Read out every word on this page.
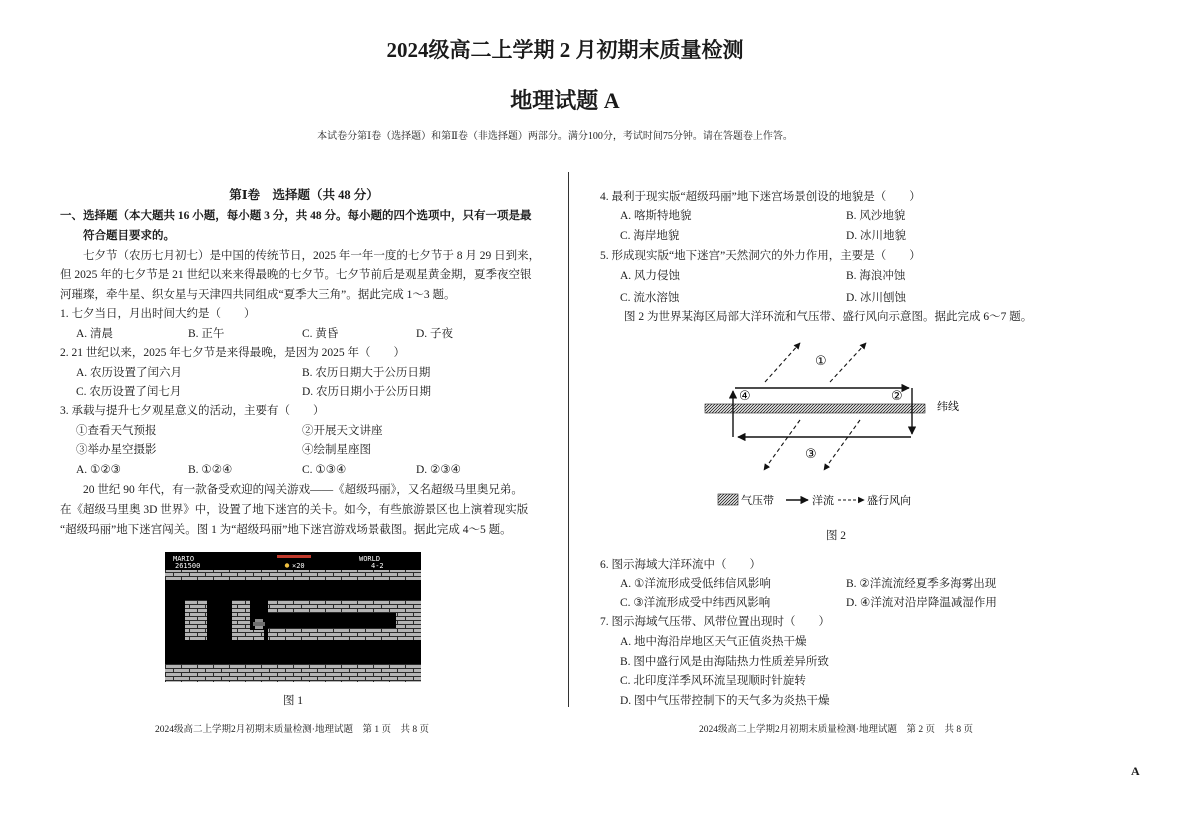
2024级高二上学期 2 月初期末质量检测
地理试题 A
本试卷分第Ⅰ卷（选择题）和第Ⅱ卷（非选择题）两部分。满分100分，考试时间75分钟。请在答题卷上作答。
第Ⅰ卷　选择题（共 48 分）
一、选择题（本大题共 16 小题，每小题 3 分，共 48 分。每小题的四个选项中，只有一项是最
符合题目要求的。
七夕节（农历七月初七）是中国的传统节日，2025 年一年一度的七夕节于 8 月 29 日到来，
但 2025 年的七夕节是 21 世纪以来来得最晚的七夕节。七夕节前后是观星黄金期，夏季夜空银
河璀璨，牵牛星、织女星与天津四共同组成“夏季大三角”。据此完成 1～3 题。
1. 七夕当日，月出时间大约是（　　）
A. 清晨	B. 正午	C. 黄昏	D. 子夜
2. 21 世纪以来，2025 年七夕节是来得最晚，是因为 2025 年（　　）
A. 农历设置了闰六月	B. 农历日期大于公历日期
C. 农历设置了闰七月	D. 农历日期小于公历日期
3. 承载与提升七夕观星意义的活动，主要有（　　）
①查看天气预报	②开展天文讲座
③举办星空摄影	④绘制星座图
A. ①②③	B. ①②④	C. ①③④	D. ②③④
20 世纪 90 年代，有一款备受欢迎的闯关游戏——《超级玛丽》，又名超级马里奥兄弟。
在《超级马里奥 3D 世界》中，设置了地下迷宫的关卡。如今，有些旅游景区也上演着现实版
“超级玛丽”地下迷宫闯关。图 1 为“超级玛丽”地下迷宫游戏场景截图。据此完成 4～5 题。
MARIO
261500	×20
WORLD
4-2
图 1
2024级高二上学期2月初期末质量检测·地理试题　第 1 页　共 8 页
4. 最利于现实版“超级玛丽”地下迷宫场景创设的地貌是（　　）
A. 喀斯特地貌	B. 风沙地貌
C. 海岸地貌	D. 冰川地貌
5. 形成现实版“地下迷宫”天然洞穴的外力作用，主要是（　　）
A. 风力侵蚀	B. 海浪冲蚀
C. 流水溶蚀	D. 冰川刨蚀
图 2 为世界某海区局部大洋环流和气压带、盛行风向示意图。据此完成 6～7 题。
①
②
③
④
纬线
气压带	洋流	盛行风向
图 2
6. 图示海域大洋环流中（　　）
A. ①洋流形成受低纬信风影响	B. ②洋流流经夏季多海雾出现
C. ③洋流形成受中纬西风影响	D. ④洋流对沿岸降温减湿作用
7. 图示海域气压带、风带位置出现时（　　）
A. 地中海沿岸地区天气正值炎热干燥
B. 图中盛行风是由海陆热力性质差异所致
C. 北印度洋季风环流呈现顺时针旋转
D. 图中气压带控制下的天气多为炎热干燥
2024级高二上学期2月初期末质量检测·地理试题　第 2 页　共 8 页
A
